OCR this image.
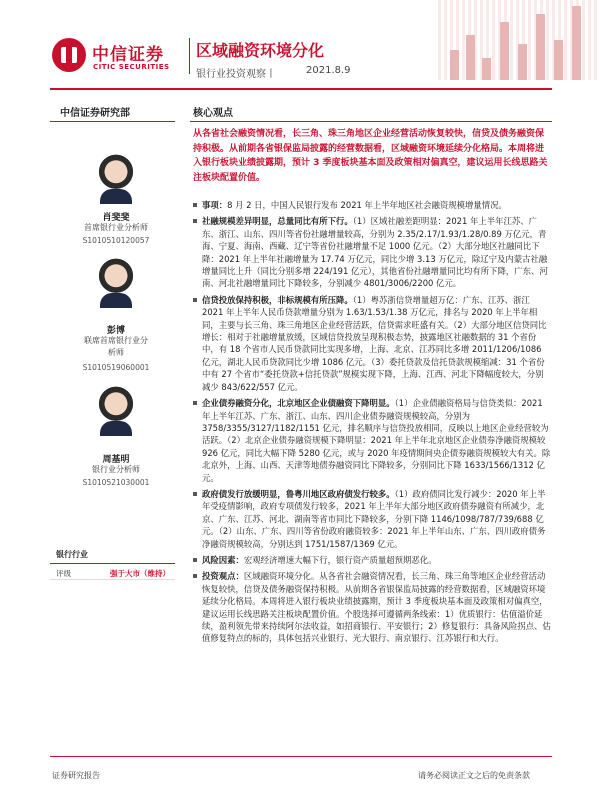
中信证券
CITIC SECURITIES
区域融资环境分化
银行业投资观察丨	2021.8.9
中信证券研究部
肖斐斐
首席银行业分析师
S1010510120057
彭博
联席首席银行业分析师
S1010519060001
周基明
银行业分析师
S1010521030001
银行行业
评级	强于大市（维持）
核心观点
从各省社会融资情况看，长三角、珠三角地区企业经营活动恢复较快，信贷及债务融资保持积极。从前期各省银保监局披露的经营数据看，区域融资环境延续分化格局。本周将进入银行板块业绩披露期，预计 3 季度板块基本面及政策相对偏真空，建议运用长线思路关注板块配置价值。
事项：8 月 2 日，中国人民银行发布 2021 年上半年地区社会融资规模增量情况。
社融规模差异明显，总量同比有所下行。（1）区域社融差距明显：2021 年上半年江苏、广东、浙江、山东、四川等省份社融增量较高，分别为 2.35/2.17/1.93/1.28/0.89 万亿元，青海、宁夏、海南、西藏、辽宁等省份社融增量不足 1000 亿元。（2）大部分地区社融同比下降：2021 年上半年社融增量为 17.74 万亿元，同比少增 3.13 万亿元，除辽宁及内蒙古社融增量同比上升（同比分别多增 224/191 亿元），其他省份社融增量同比均有所下降，广东、河南、河北社融增量同比下降较多，分别减少 4801/3006/2200 亿元。
信贷投放保持积极，非标规模有所压降。（1）粤苏浙信贷增量超万亿：广东、江苏、浙江 2021 年上半年人民币贷款增量分别为 1.63/1.53/1.38 万亿元，排名与 2020 年上半年相同，主要与长三角、珠三角地区企业经营活跃，信贷需求旺盛有关。（2）大部分地区信贷同比增长：相对于社融增量放缓，区域信贷投放呈现积极态势，披露地区社融数据的 31 个省份中，有 18 个省市人民币贷款同比实现多增，上海、北京、江苏同比多增 2011/1206/1086 亿元，湖北人民币贷款同比少增 1086 亿元。（3）委托贷款及信托贷款规模缩减：31 个省份中有 27 个省市“委托贷款+信托贷款”规模实现下降，上海、江西、河北下降幅度较大，分别减少 843/622/557 亿元。
企业债券融资分化，北京地区企业债融资下降明显。（1）企业债融资格局与信贷类似：2021 年上半年江苏、广东、浙江、山东、四川企业债券融资规模较高，分别为 3758/3355/3127/1182/1151 亿元，排名顺序与信贷投放相同，反映以上地区企业经营较为活跃。（2）北京企业债券融资规模下降明显：2021 年上半年北京地区企业债券净融资规模较 926 亿元，同比大幅下降 5280 亿元，或与 2020 年疫情期间央企债券融资规模较大有关。除北京外，上海、山西、天津等地债券融资同比下降较多，分别同比下降 1633/1566/1312 亿元。
政府债发行放缓明显，鲁粤川地区政府债发行较多。（1）政府债同比发行减少：2020 年上半年受疫情影响，政府专项债发行较多，2021 年上半年大部分地区政府债券融资有所减少，北京、广东、江苏、河北、湖南等省市同比下降较多，分别下降 1146/1098/787/739/688 亿元。（2）山东、广东、四川等省份政府融资较多：2021 年上半年山东、广东、四川政府债务净融资规模较高，分别达到 1751/1587/1369 亿元。
风险因素：宏观经济增速大幅下行，银行资产质量超预期恶化。
投资观点：区域融资环境分化。从各省社会融资情况看，长三角、珠三角等地区企业经营活动恢复较快，信贷及债务融资保持积极。从前期各省银保监局披露的经营数据看，区域融资环境延续分化格局。本周将进入银行板块业绩披露期，预计 3 季度板块基本面及政策相对偏真空，建议运用长线思路关注板块配置价值。个股选择可遵循两条线索：1）优质银行：估值溢价延续，盈利领先带来持续阿尔法收益，如招商银行、平安银行；2）修复银行：具备风险拐点、估值修复特点的标的，具体包括兴业银行、光大银行、南京银行、江苏银行和大行。
证券研究报告	请务必阅读正文之后的免责条款
